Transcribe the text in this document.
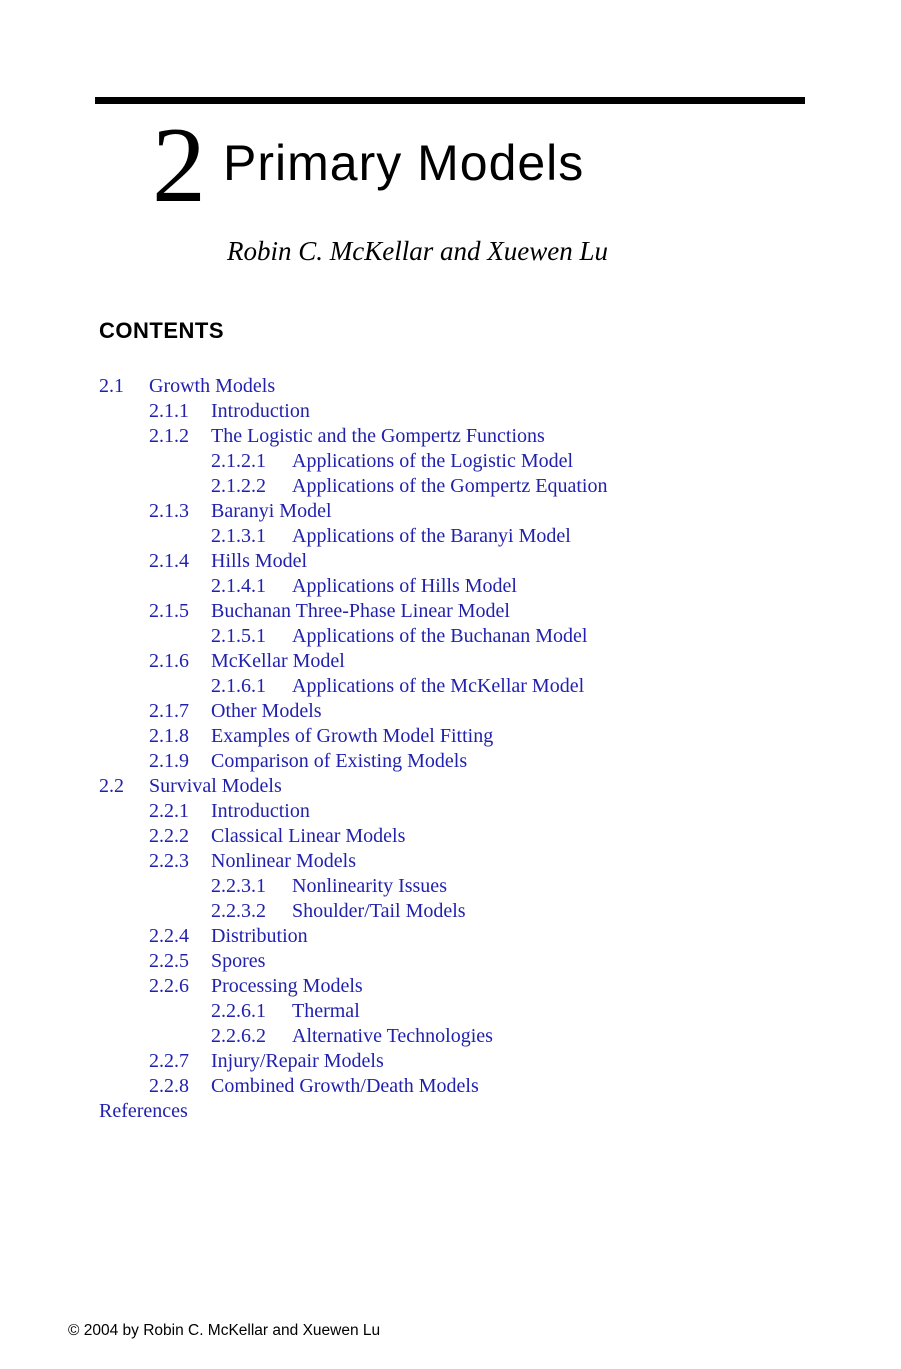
2 Primary Models
Robin C. McKellar and Xuewen Lu
CONTENTS
2.1	Growth Models
2.1.1	Introduction
2.1.2	The Logistic and the Gompertz Functions
2.1.2.1	Applications of the Logistic Model
2.1.2.2	Applications of the Gompertz Equation
2.1.3	Baranyi Model
2.1.3.1	Applications of the Baranyi Model
2.1.4	Hills Model
2.1.4.1	Applications of Hills Model
2.1.5	Buchanan Three-Phase Linear Model
2.1.5.1	Applications of the Buchanan Model
2.1.6	McKellar Model
2.1.6.1	Applications of the McKellar Model
2.1.7	Other Models
2.1.8	Examples of Growth Model Fitting
2.1.9	Comparison of Existing Models
2.2	Survival Models
2.2.1	Introduction
2.2.2	Classical Linear Models
2.2.3	Nonlinear Models
2.2.3.1	Nonlinearity Issues
2.2.3.2	Shoulder/Tail Models
2.2.4	Distribution
2.2.5	Spores
2.2.6	Processing Models
2.2.6.1	Thermal
2.2.6.2	Alternative Technologies
2.2.7	Injury/Repair Models
2.2.8	Combined Growth/Death Models
References
© 2004 by Robin C. McKellar and Xuewen Lu
